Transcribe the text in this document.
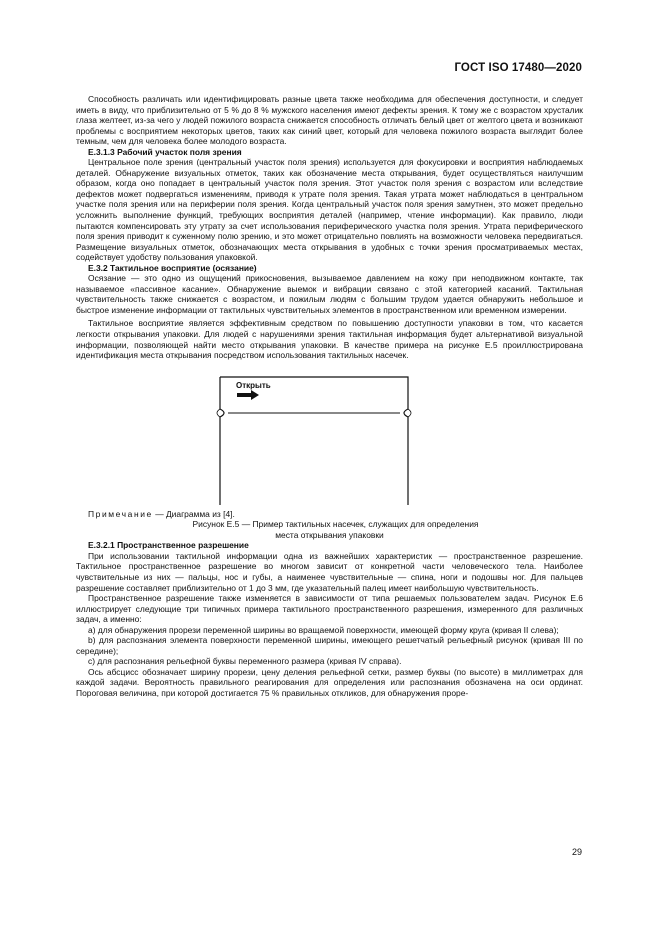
ГОСТ ISO 17480—2020

Способность различать или идентифицировать разные цвета также необходима для обеспечения доступности, и следует иметь в виду, что приблизительно от 5 % до 8 % мужского населения имеют дефекты зрения. К тому же с возрастом хрусталик глаза желтеет, из-за чего у людей пожилого возраста снижается способность отличать белый цвет от желтого цвета и возникают проблемы с восприятием некоторых цветов, таких как синий цвет, который для человека пожилого возраста выглядит более темным, чем для человека более молодого возраста.

E.3.1.3 Рабочий участок поля зрения

Центральное поле зрения (центральный участок поля зрения) используется для фокусировки и восприятия наблюдаемых деталей. Обнаружение визуальных отметок, таких как обозначение места открывания, будет осуществляться наилучшим образом, когда оно попадает в центральный участок поля зрения. Этот участок поля зрения с возрастом или вследствие дефектов может подвергаться изменениям, приводя к утрате поля зрения. Такая утрата может наблюдаться в центральном участке поля зрения или на периферии поля зрения. Когда центральный участок поля зрения замутнен, это может предельно усложнить выполнение функций, требующих восприятия деталей (например, чтение информации). Как правило, люди пытаются компенсировать эту утрату за счет использования периферического участка поля зрения. Утрата периферического поля зрения приводит к суженному полю зрению, и это может отрицательно повлиять на возможности человека передвигаться. Размещение визуальных отметок, обозначающих места открывания в удобных с точки зрения просматриваемых местах, содействует удобству пользования упаковкой.

E.3.2 Тактильное восприятие (осязание)

Осязание — это одно из ощущений прикосновения, вызываемое давлением на кожу при неподвижном контакте, так называемое «пассивное касание». Обнаружение выемок и вибрации связано с этой категорией касаний. Тактильная чувствительность также снижается с возрастом, и пожилым людям с большим трудом удается обнаружить небольшое и быстрое изменение информации от тактильных чувствительных элементов в пространственном или временном измерении.

Тактильное восприятие является эффективным средством по повышению доступности упаковки в том, что касается легкости открывания упаковки. Для людей с нарушениями зрения тактильная информация будет альтернативой визуальной информации, позволяющей найти место открывания упаковки. В качестве примера на рисунке E.5 проиллюстрирована идентификация места открывания посредством использования тактильных насечек.

Открыть

Примечание — Диаграмма из [4].

Рисунок E.5 — Пример тактильных насечек, служащих для определения
места открывания упаковки

E.3.2.1 Пространственное разрешение

При использовании тактильной информации одна из важнейших характеристик — пространственное разрешение. Тактильное пространственное разрешение во многом зависит от конкретной части человеческого тела. Наиболее чувствительные из них — пальцы, нос и губы, а наименее чувствительные — спина, ноги и подошвы ног. Для пальцев разрешение составляет приблизительно от 1 до 3 мм, где указательный палец имеет наибольшую чувствительность.

Пространственное разрешение также изменяется в зависимости от типа решаемых пользователем задач. Рисунок E.6 иллюстрирует следующие три типичных примера тактильного пространственного разрешения, измеренного для различных задач, а именно:

a) для обнаружения прорези переменной ширины во вращаемой поверхности, имеющей форму круга (кривая II слева);

b) для распознания элемента поверхности переменной ширины, имеющего решетчатый рельефный рисунок (кривая III по середине);

c) для распознания рельефной буквы переменного размера (кривая IV справа).

Ось абсцисс обозначает ширину прорези, цену деления рельефной сетки, размер буквы (по высоте) в миллиметрах для каждой задачи. Вероятность правильного реагирования для определения или распознания обозначена на оси ординат. Пороговая величина, при которой достигается 75 % правильных откликов, для обнаружения проре-

29
